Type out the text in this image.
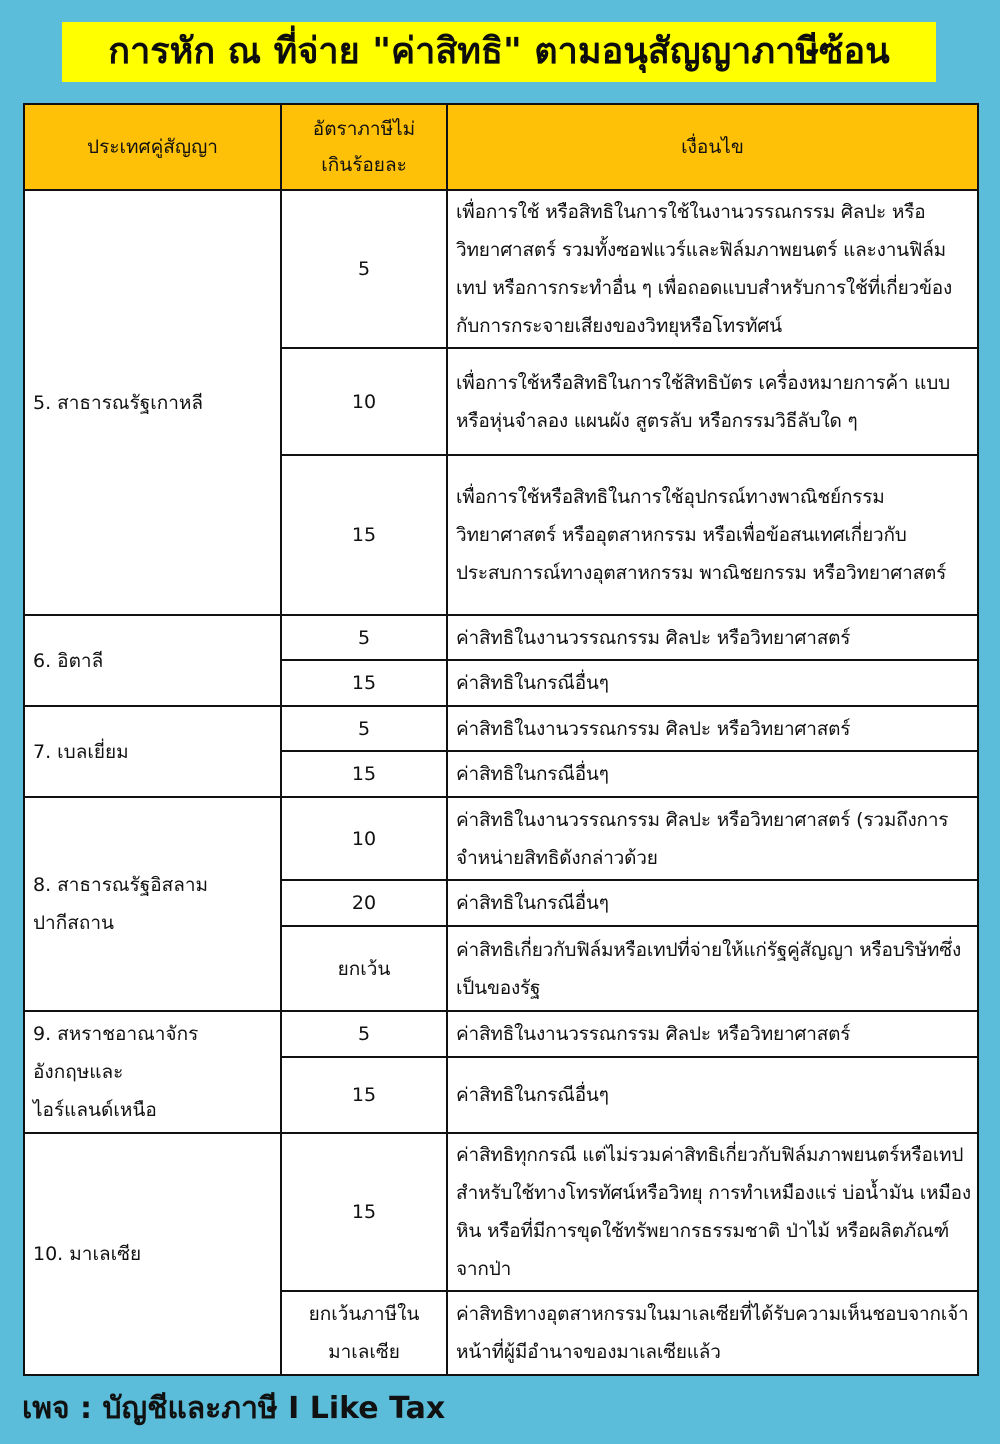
การหัก ณ ที่จ่าย "ค่าสิทธิ" ตามอนุสัญญาภาษีซ้อน
ประเทศคู่สัญญา	อัตราภาษีไม่เกินร้อยละ	เงื่อนไข
5. สาธารณรัฐเกาหลี	5	เพื่อการใช้ หรือสิทธิในการใช้ในงานวรรณกรรม ศิลปะ หรือวิทยาศาสตร์ รวมทั้งซอฟแวร์และฟิล์มภาพยนตร์ และงานฟิล์ม เทป หรือการกระทำอื่น ๆ เพื่อถอดแบบสำหรับการใช้ที่เกี่ยวข้องกับการกระจายเสียงของวิทยุหรือโทรทัศน์
	10	เพื่อการใช้หรือสิทธิในการใช้สิทธิบัตร เครื่องหมายการค้า แบบหรือหุ่นจำลอง แผนผัง สูตรลับ หรือกรรมวิธีลับใด ๆ
	15	เพื่อการใช้หรือสิทธิในการใช้อุปกรณ์ทางพาณิชย์กรรม วิทยาศาสตร์ หรืออุตสาหกรรม หรือเพื่อข้อสนเทศเกี่ยวกับประสบการณ์ทางอุตสาหกรรม พาณิชยกรรม หรือวิทยาศาสตร์
6. อิตาลี	5	ค่าสิทธิในงานวรรณกรรม ศิลปะ หรือวิทยาศาสตร์
	15	ค่าสิทธิในกรณีอื่นๆ
7. เบลเยี่ยม	5	ค่าสิทธิในงานวรรณกรรม ศิลปะ หรือวิทยาศาสตร์
	15	ค่าสิทธิในกรณีอื่นๆ
8. สาธารณรัฐอิสลาม ปากีสถาน	10	ค่าสิทธิในงานวรรณกรรม ศิลปะ หรือวิทยาศาสตร์ (รวมถึงการจำหน่ายสิทธิดังกล่าวด้วย
	20	ค่าสิทธิในกรณีอื่นๆ
	ยกเว้น	ค่าสิทธิเกี่ยวกับฟิล์มหรือเทปที่จ่ายให้แก่รัฐคู่สัญญา หรือบริษัทซึ่ง เป็นของรัฐ

9. สหราชอาณาจักร อังกฤษและ ไอร์แลนด์เหนือ	5	ค่าสิทธิในงานวรรณกรรม ศิลปะ หรือวิทยาศาสตร์
	15	ค่าสิทธิในกรณีอื่นๆ
10. มาเลเซีย	15	ค่าสิทธิทุกกรณี แต่ไม่รวมค่าสิทธิเกี่ยวกับฟิล์มภาพยนตร์หรือเทป สำหรับใช้ทางโทรทัศน์หรือวิทยุ การทำเหมืองแร่ บ่อน้ำมัน เหมืองหิน หรือที่มีการขุดใช้ทรัพยากรธรรมชาติ ป่าไม้ หรือผลิตภัณฑ์จากป่า

	ยกเว้นภาษีในมาเลเซีย	ค่าสิทธิทางอุตสาหกรรมในมาเลเซียที่ได้รับความเห็นชอบจากเจ้าหน้าที่ผู้มีอำนาจของมาเลเซียแล้ว
เพจ : บัญชีและภาษี I Like Tax
